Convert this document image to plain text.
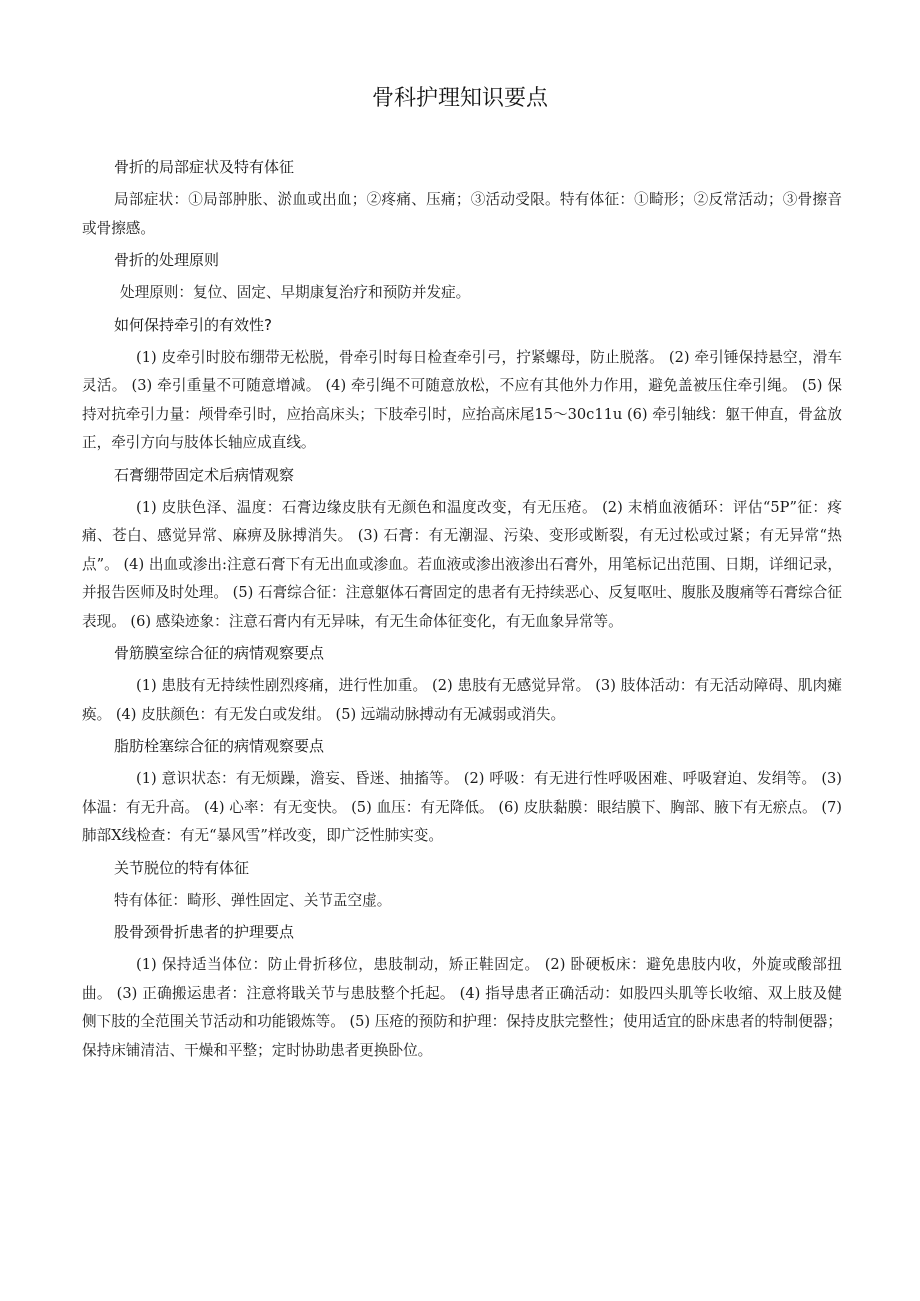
骨科护理知识要点
骨折的局部症状及特有体征

局部症状：①局部肿胀、淤血或出血；②疼痛、压痛；③活动受限。特有体征：①畸形；②反常活动；③骨擦音或骨擦感。

骨折的处理原则

处理原则：复位、固定、早期康复治疗和预防并发症。

如何保持牵引的有效性?

(1) 皮牵引时胶布绷带无松脱，骨牵引时每日检查牵引弓，拧紧螺母，防止脱落。 (2) 牵引锤保持悬空，滑车灵活。 (3) 牵引重量不可随意增减。 (4) 牵引绳不可随意放松，不应有其他外力作用，避免盖被压住牵引绳。 (5) 保持对抗牵引力量：颅骨牵引时，应抬高床头；下肢牵引时，应抬高床尾15〜30c11u (6) 牵引轴线：躯干伸直，骨盆放正，牵引方向与肢体长轴应成直线。

石膏绷带固定术后病情观察

(1) 皮肤色泽、温度：石膏边缘皮肤有无颜色和温度改变，有无压疮。 (2) 末梢血液循环：评估“5P”征：疼痛、苍白、感觉异常、麻痹及脉搏消失。 (3) 石膏：有无潮湿、污染、变形或断裂，有无过松或过紧；有无异常“热点”。 (4) 出血或渗出:注意石膏下有无出血或渗血。若血液或渗出液渗出石膏外，用笔标记出范围、日期，详细记录，并报告医师及时处理。 (5) 石膏综合征：注意躯体石膏固定的患者有无持续恶心、反复呕吐、腹胀及腹痛等石膏综合征表现。 (6) 感染迹象：注意石膏内有无异味，有无生命体征变化，有无血象异常等。

骨筋膜室综合征的病情观察要点

(1) 患肢有无持续性剧烈疼痛，进行性加重。 (2) 患肢有无感觉异常。 (3) 肢体活动：有无活动障碍、肌肉瘫痪。 (4) 皮肤颜色：有无发白或发绀。 (5) 远端动脉搏动有无减弱或消失。

脂肪栓塞综合征的病情观察要点

(1) 意识状态：有无烦躁，澹妄、昏迷、抽搐等。 (2) 呼吸：有无进行性呼吸困难、呼吸窘迫、发绢等。 (3) 体温：有无升高。 (4) 心率：有无变快。 (5) 血压：有无降低。 (6) 皮肤黏膜：眼结膜下、胸部、腋下有无瘀点。 (7) 肺部X线检查：有无“暴风雪”样改变，即广泛性肺实变。

关节脱位的特有体征

特有体征：畸形、弹性固定、关节盂空虚。

股骨颈骨折患者的护理要点

(1) 保持适当体位：防止骨折移位，患肢制动，矫正鞋固定。 (2) 卧硬板床：避免患肢内收，外旋或酸部扭曲。 (3) 正确搬运患者：注意将戢关节与患肢整个托起。 (4) 指导患者正确活动：如股四头肌等长收缩、双上肢及健侧下肢的全范围关节活动和功能锻炼等。 (5) 压疮的预防和护理：保持皮肤完整性；使用适宜的卧床患者的特制便器；保持床铺清洁、干燥和平整；定时协助患者更换卧位。
